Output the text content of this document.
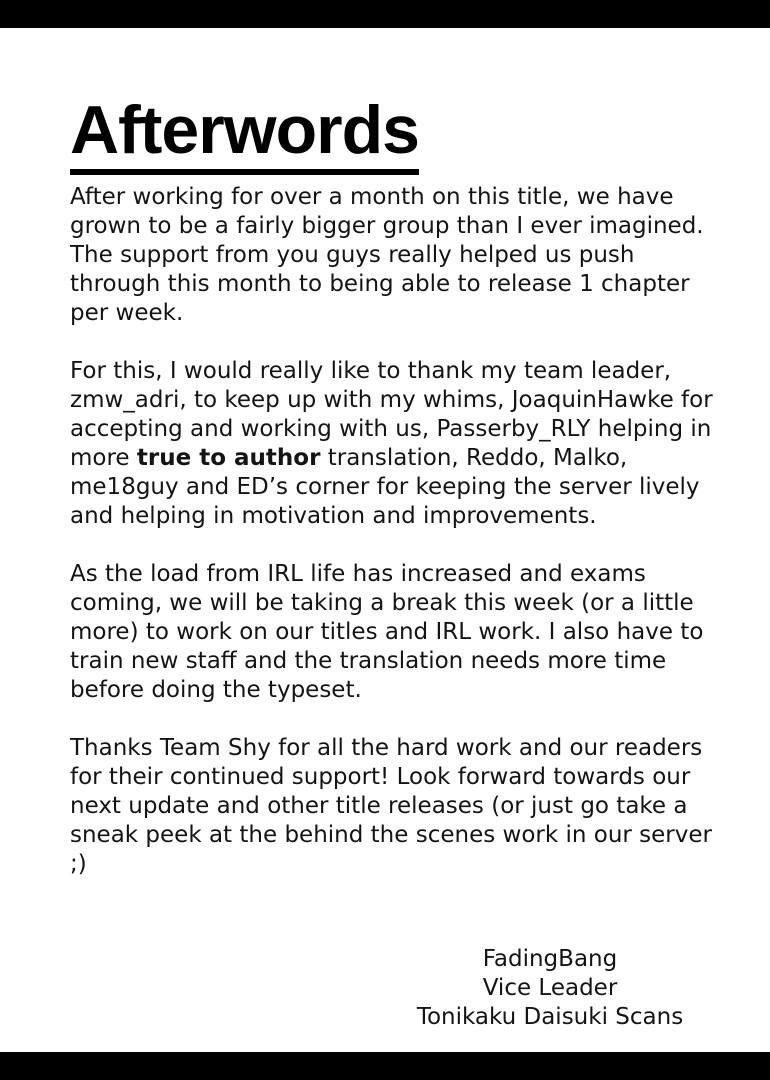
Afterwords

After working for over a month on this title, we have grown to be a fairly bigger group than I ever imagined. The support from you guys really helped us push through this month to being able to release 1 chapter per week.

For this, I would really like to thank my team leader, zmw_adri, to keep up with my whims, JoaquinHawke for accepting and working with us, Passerby_RLY helping in more true to author translation, Reddo, Malko, me18guy and ED’s corner for keeping the server lively and helping in motivation and improvements.

As the load from IRL life has increased and exams coming, we will be taking a break this week (or a little more) to work on our titles and IRL work. I also have to train new staff and the translation needs more time before doing the typeset.

Thanks Team Shy for all the hard work and our readers for their continued support! Look forward towards our next update and other title releases (or just go take a sneak peek at the behind the scenes work in our server ;)

FadingBang
Vice Leader
Tonikaku Daisuki Scans
